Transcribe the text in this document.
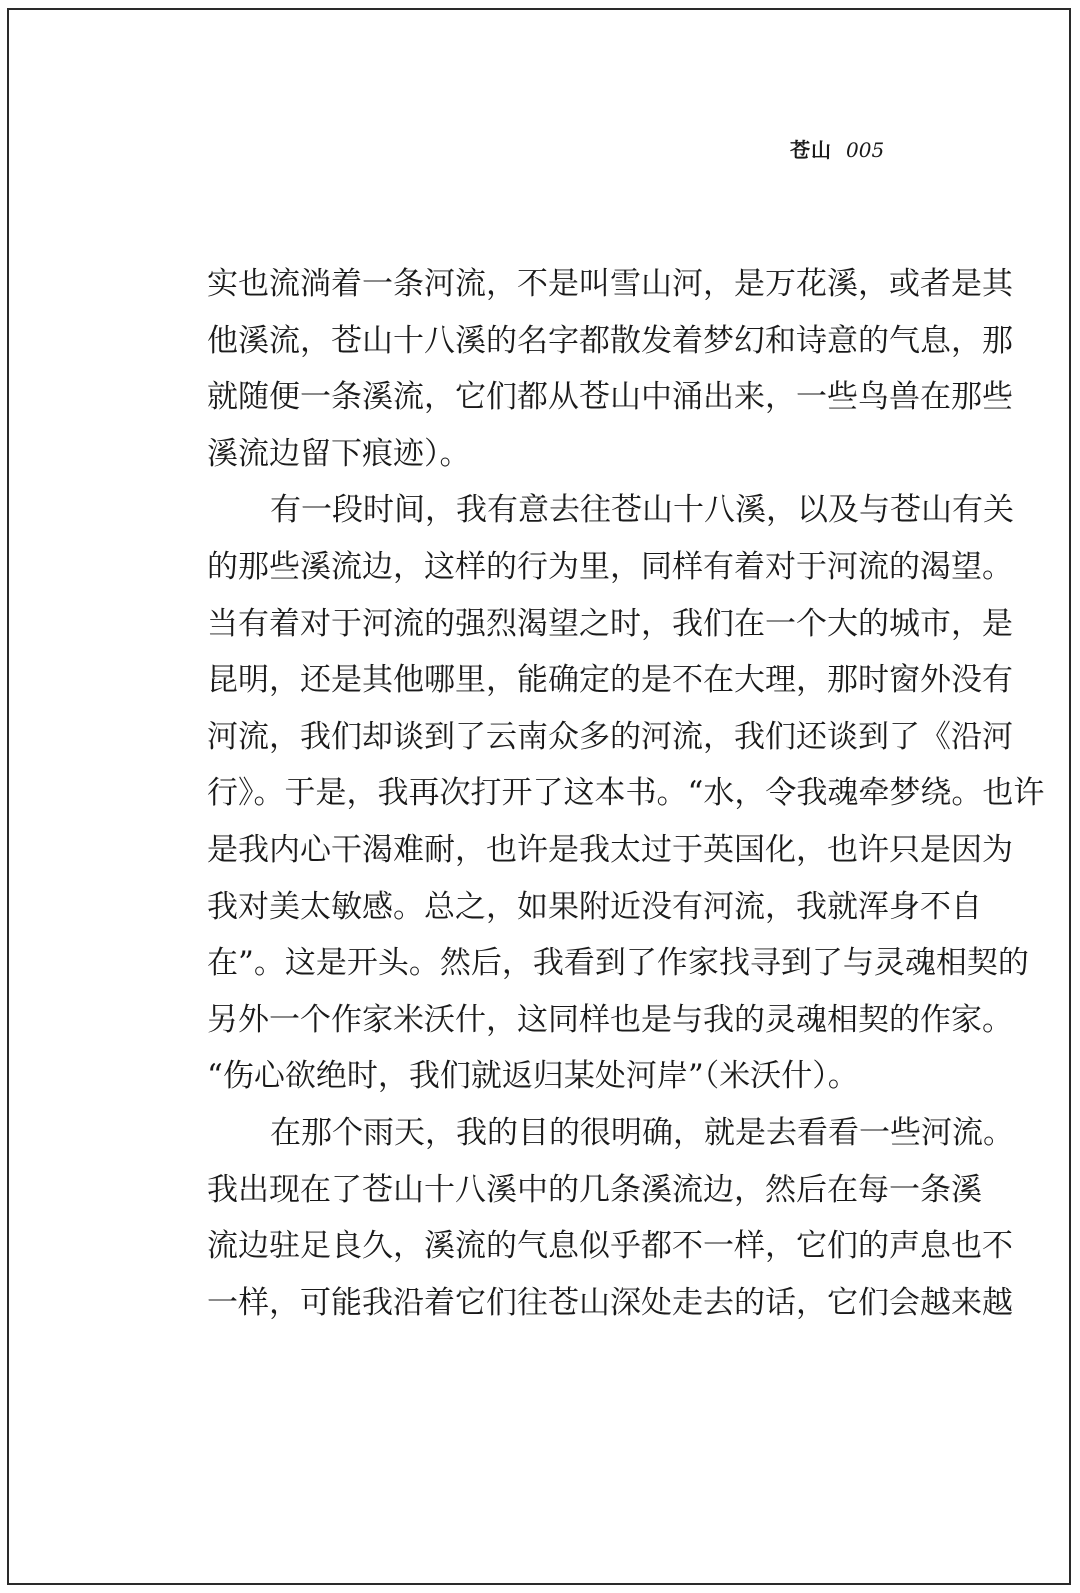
苍山 005
实也流淌着一条河流，不是叫雪山河，是万花溪，或者是其
他溪流，苍山十八溪的名字都散发着梦幻和诗意的气息，那
就随便一条溪流，它们都从苍山中涌出来，一些鸟兽在那些
溪流边留下痕迹）。
有一段时间，我有意去往苍山十八溪，以及与苍山有关
的那些溪流边，这样的行为里，同样有着对于河流的渴望。
当有着对于河流的强烈渴望之时，我们在一个大的城市，是
昆明，还是其他哪里，能确定的是不在大理，那时窗外没有
河流，我们却谈到了云南众多的河流，我们还谈到了《沿河
行》。于是，我再次打开了这本书。“水，令我魂牵梦绕。也许
是我内心干渴难耐，也许是我太过于英国化，也许只是因为
我对美太敏感。总之，如果附近没有河流，我就浑身不自
在”。这是开头。然后，我看到了作家找寻到了与灵魂相契的
另外一个作家米沃什，这同样也是与我的灵魂相契的作家。
“伤心欲绝时，我们就返归某处河岸”（米沃什）。
在那个雨天，我的目的很明确，就是去看看一些河流。
我出现在了苍山十八溪中的几条溪流边，然后在每一条溪
流边驻足良久，溪流的气息似乎都不一样，它们的声息也不
一样，可能我沿着它们往苍山深处走去的话，它们会越来越
